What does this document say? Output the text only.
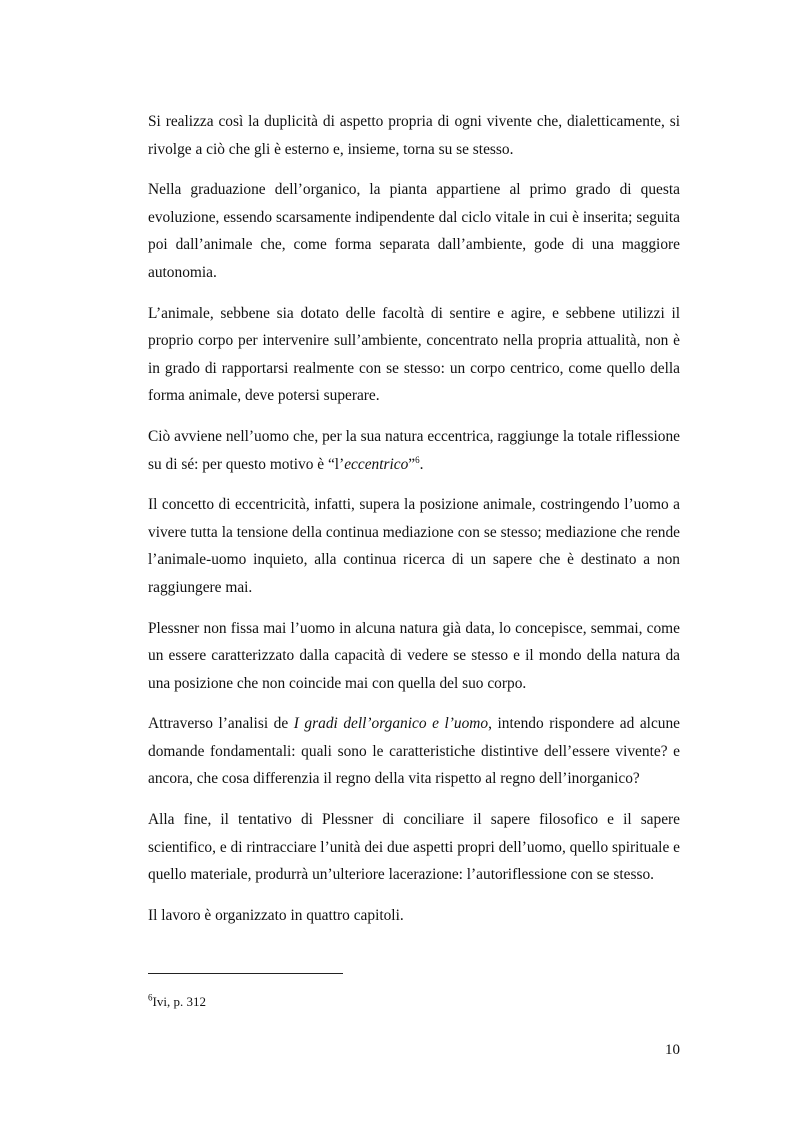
Si realizza così la duplicità di aspetto propria di ogni vivente che, dialetticamente, si rivolge a ciò che gli è esterno e, insieme, torna su se stesso.

Nella graduazione dell’organico, la pianta appartiene al primo grado di questa evoluzione, essendo scarsamente indipendente dal ciclo vitale in cui è inserita; seguita poi dall’animale che, come forma separata dall’ambiente, gode di una maggiore autonomia.

L’animale, sebbene sia dotato delle facoltà di sentire e agire, e sebbene utilizzi il proprio corpo per intervenire sull’ambiente, concentrato nella propria attualità, non è in grado di rapportarsi realmente con se stesso: un corpo centrico, come quello della forma animale, deve potersi superare.

Ciò avviene nell’uomo che, per la sua natura eccentrica, raggiunge la totale riflessione su di sé: per questo motivo è “l’eccentrico”$^6$.

Il concetto di eccentricità, infatti, supera la posizione animale, costringendo l’uomo a vivere tutta la tensione della continua mediazione con se stesso; mediazione che rende l’animale-uomo inquieto, alla continua ricerca di un sapere che è destinato a non raggiungere mai.

Plessner non fissa mai l’uomo in alcuna natura già data, lo concepisce, semmai, come un essere caratterizzato dalla capacità di vedere se stesso e il mondo della natura da una posizione che non coincide mai con quella del suo corpo.

Attraverso l’analisi de I gradi dell’organico e l’uomo, intendo rispondere ad alcune domande fondamentali: quali sono le caratteristiche distintive dell’essere vivente? e ancora, che cosa differenzia il regno della vita rispetto al regno dell’inorganico?

Alla fine, il tentativo di Plessner di conciliare il sapere filosofico e il sapere scientifico, e di rintracciare l’unità dei due aspetti propri dell’uomo, quello spirituale e quello materiale, produrrà un’ulteriore lacerazione: l’autoriflessione con se stesso.

Il lavoro è organizzato in quattro capitoli.

$^6$Ivi, p. 312
10
